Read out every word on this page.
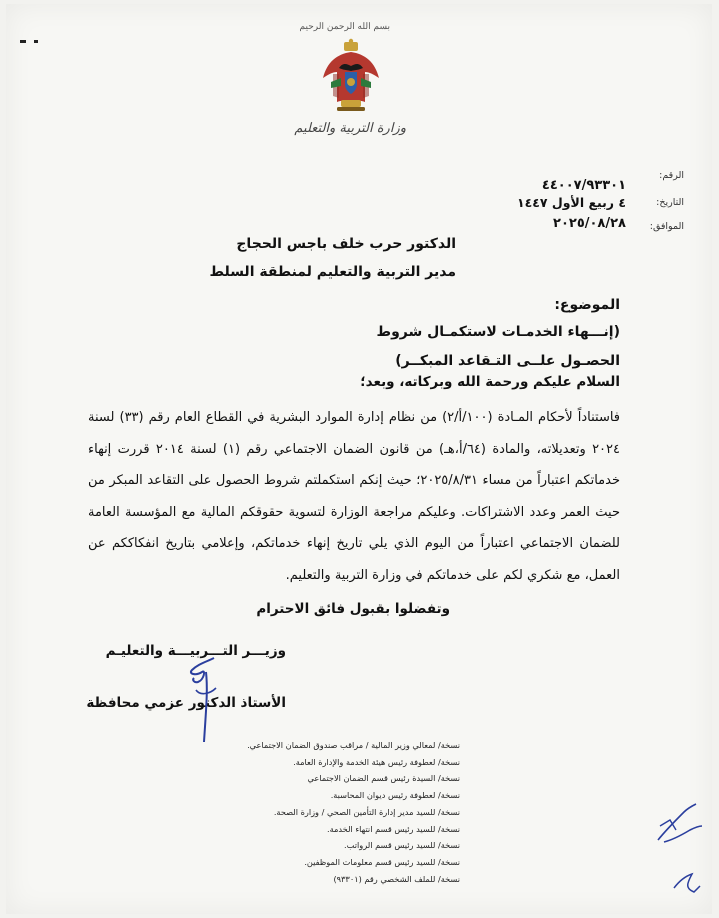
بسم الله الرحمن الرحيم
وزارة التربية والتعليم
الرقم:
٤٤٠٠٧/٩٣٣٠١
التاريخ:
٤ ربيع الأول ١٤٤٧
الموافق:
٢٠٢٥/٠٨/٢٨
الدكتور حرب خلف باجس الحجاج
مدير التربية والتعليم لمنطقة السلط
الموضوع:
(إنـــهاء الخدمـات لاستكمـال شروط
الحصـول علــى التـقاعد المبكــر)
السلام عليكم ورحمة الله وبركاته، وبعد؛
فاستناداً لأحكام المـادة (١٠٠/أ/٢) من نظام إدارة الموارد البشرية في القطاع العام رقم (٣٣) لسنة ٢٠٢٤ وتعديلاته، والمادة (٦٤/أ،هـ) من قانون الضمان الاجتماعي رقم (١) لسنة ٢٠١٤ قررت إنهاء خدماتكم اعتباراً من مساء ٢٠٢٥/٨/٣١؛ حيث إنكم استكملتم شروط الحصول على التقاعد المبكر من حيث العمر وعدد الاشتراكات. وعليكم مراجعة الوزارة لتسوية حقوقكم المالية مع المؤسسة العامة للضمان الاجتماعي اعتباراً من اليوم الذي يلي تاريخ إنهاء خدماتكم، وإعلامي بتاريخ انفكاككم عن العمل، مع شكري لكم على خدماتكم في وزارة التربية والتعليم.
وتفضلوا بقبول فائق الاحترام
وزيـــر التـــربيـــة والتعليـم
الأستاذ الدكتور عزمي محافظة
نسخة/ لمعالي وزير المالية / مراقب صندوق الضمان الاجتماعي.
نسخة/ لعطوفة رئيس هيئة الخدمة والإدارة العامة.
نسخة/ السيدة رئيس قسم الضمان الاجتماعي
نسخة/ لعطوفة رئيس ديوان المحاسبة.
نسخة/ للسيد مدير إدارة التأمين الصحي / وزارة الصحة.
نسخة/ للسيد رئيس قسم انتهاء الخدمة.
نسخة/ للسيد رئيس قسم الرواتب.
نسخة/ للسيد رئيس قسم معلومات الموظفين.
نسخة/ للملف الشخصي رقم (٩٣٣٠١)
